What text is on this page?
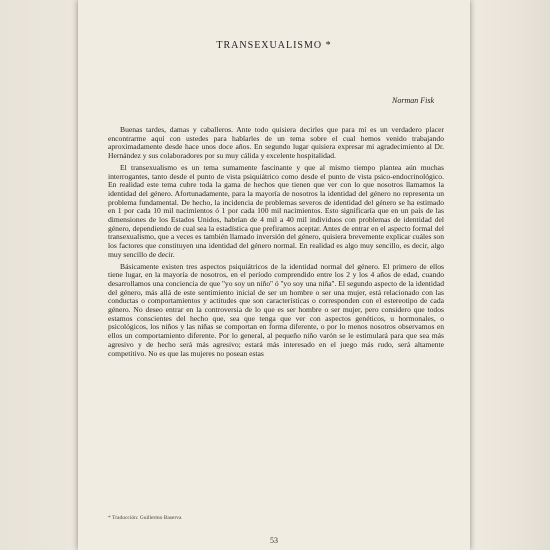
TRANSEXUALISMO *
Norman Fisk

Buenas tardes, damas y caballeros. Ante todo quisiera decirles que para mí es un verdadero placer encontrarme aquí con ustedes para hablarles de un tema sobre el cual hemos venido trabajando aproximadamente desde hace unos doce años. En segundo lugar quisiera expresar mi agradecimiento al Dr. Hernández y sus colaboradores por su muy cálida y excelente hospitalidad.

El transexualismo es un tema sumamente fascinante y que al mismo tiempo plantea aún muchas interrogantes, tanto desde el punto de vista psiquiátrico como desde el punto de vista psico-endocrinológico. En realidad este tema cubre toda la gama de hechos que tienen que ver con lo que nosotros llamamos la identidad del género. Afortunadamente, para la mayoría de nosotros la identidad del género no representa un problema fundamental. De hecho, la incidencia de problemas severos de identidad del género se ha estimado en 1 por cada 10 mil nacimientos ó 1 por cada 100 mil nacimientos. Esto significaría que en un país de las dimensiones de los Estados Unidos, habrían de 4 mil a 40 mil individuos con problemas de identidad del género, dependiendo de cual sea la estadística que prefiramos aceptar. Antes de entrar en el aspecto formal del transexualismo, que a veces es también llamado inversión del género, quisiera brevemente explicar cuáles son los factores que constituyen una identidad del género normal. En realidad es algo muy sencillo, es decir, algo muy sencillo de decir.

Básicamente existen tres aspectos psiquiátricos de la identidad normal del género. El primero de ellos tiene lugar, en la mayoría de nosotros, en el período comprendido entre los 2 y los 4 años de edad, cuando desarrollamos una conciencia de que ''yo soy un niño'' ó ''yo soy una niña''. El segundo aspecto de la identidad del género, más allá de este sentimiento inicial de ser un hombre o ser una mujer, está relacionado con las conductas o comportamientos y actitudes que son características o corresponden con el estereotipo de cada género. No deseo entrar en la controversia de lo que es ser hombre o ser mujer, pero considero que todos estamos conscientes del hecho que, sea que tenga que ver con aspectos genéticos, u hormonales, o psicológicos, los niños y las niñas se comportan en forma diferente, o por lo menos nosotros observamos en ellos un comportamiento diferente. Por lo general, al pequeño niño varón se le estimulará para que sea más agresivo y de hecho será más agresivo; estará más interesado en el juego más rudo, será altamente competitivo. No es que las mujeres no posean estas

* Traducción: Guillermo Baserva
53
